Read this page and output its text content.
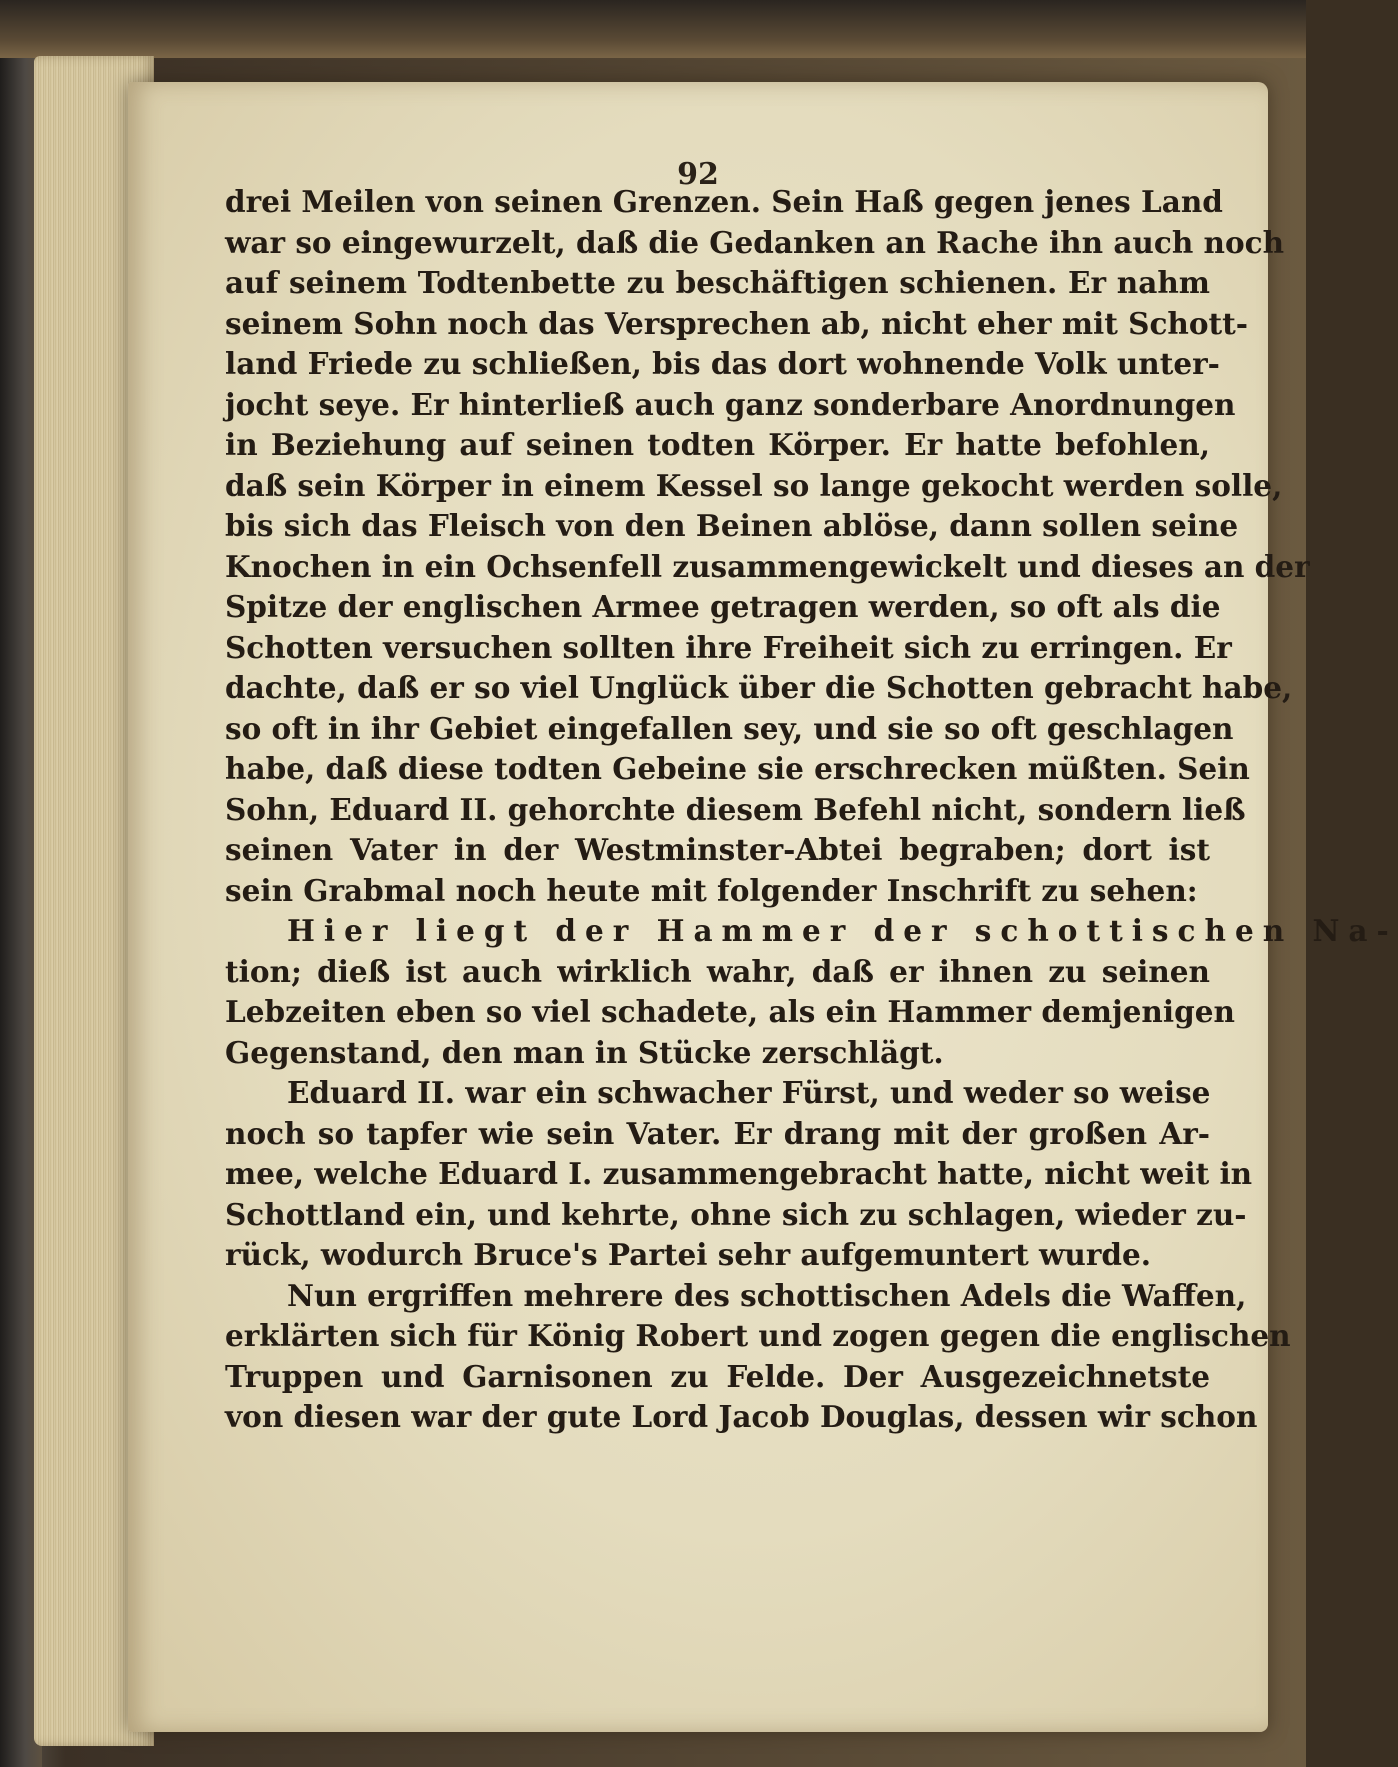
92
drei Meilen von seinen Grenzen. Sein Haß gegen jenes Land
war so eingewurzelt, daß die Gedanken an Rache ihn auch noch
auf seinem Todtenbette zu beschäftigen schienen. Er nahm
seinem Sohn noch das Versprechen ab, nicht eher mit Schott-
land Friede zu schließen, bis das dort wohnende Volk unter-
jocht seye. Er hinterließ auch ganz sonderbare Anordnungen
in Beziehung auf seinen todten Körper. Er hatte befohlen,
daß sein Körper in einem Kessel so lange gekocht werden solle,
bis sich das Fleisch von den Beinen ablöse, dann sollen seine
Knochen in ein Ochsenfell zusammengewickelt und dieses an der
Spitze der englischen Armee getragen werden, so oft als die
Schotten versuchen sollten ihre Freiheit sich zu erringen. Er
dachte, daß er so viel Unglück über die Schotten gebracht habe,
so oft in ihr Gebiet eingefallen sey, und sie so oft geschlagen
habe, daß diese todten Gebeine sie erschrecken müßten. Sein
Sohn, Eduard II. gehorchte diesem Befehl nicht, sondern ließ
seinen Vater in der Westminster-Abtei begraben; dort ist
sein Grabmal noch heute mit folgender Inschrift zu sehen:
Hier liegt der Hammer der schottischen Na-
tion; dieß ist auch wirklich wahr, daß er ihnen zu seinen
Lebzeiten eben so viel schadete, als ein Hammer demjenigen
Gegenstand, den man in Stücke zerschlägt.
Eduard II. war ein schwacher Fürst, und weder so weise
noch so tapfer wie sein Vater. Er drang mit der großen Ar-
mee, welche Eduard I. zusammengebracht hatte, nicht weit in
Schottland ein, und kehrte, ohne sich zu schlagen, wieder zu-
rück, wodurch Bruce's Partei sehr aufgemuntert wurde.
Nun ergriffen mehrere des schottischen Adels die Waffen,
erklärten sich für König Robert und zogen gegen die englischen
Truppen und Garnisonen zu Felde. Der Ausgezeichnetste
von diesen war der gute Lord Jacob Douglas, dessen wir schon
